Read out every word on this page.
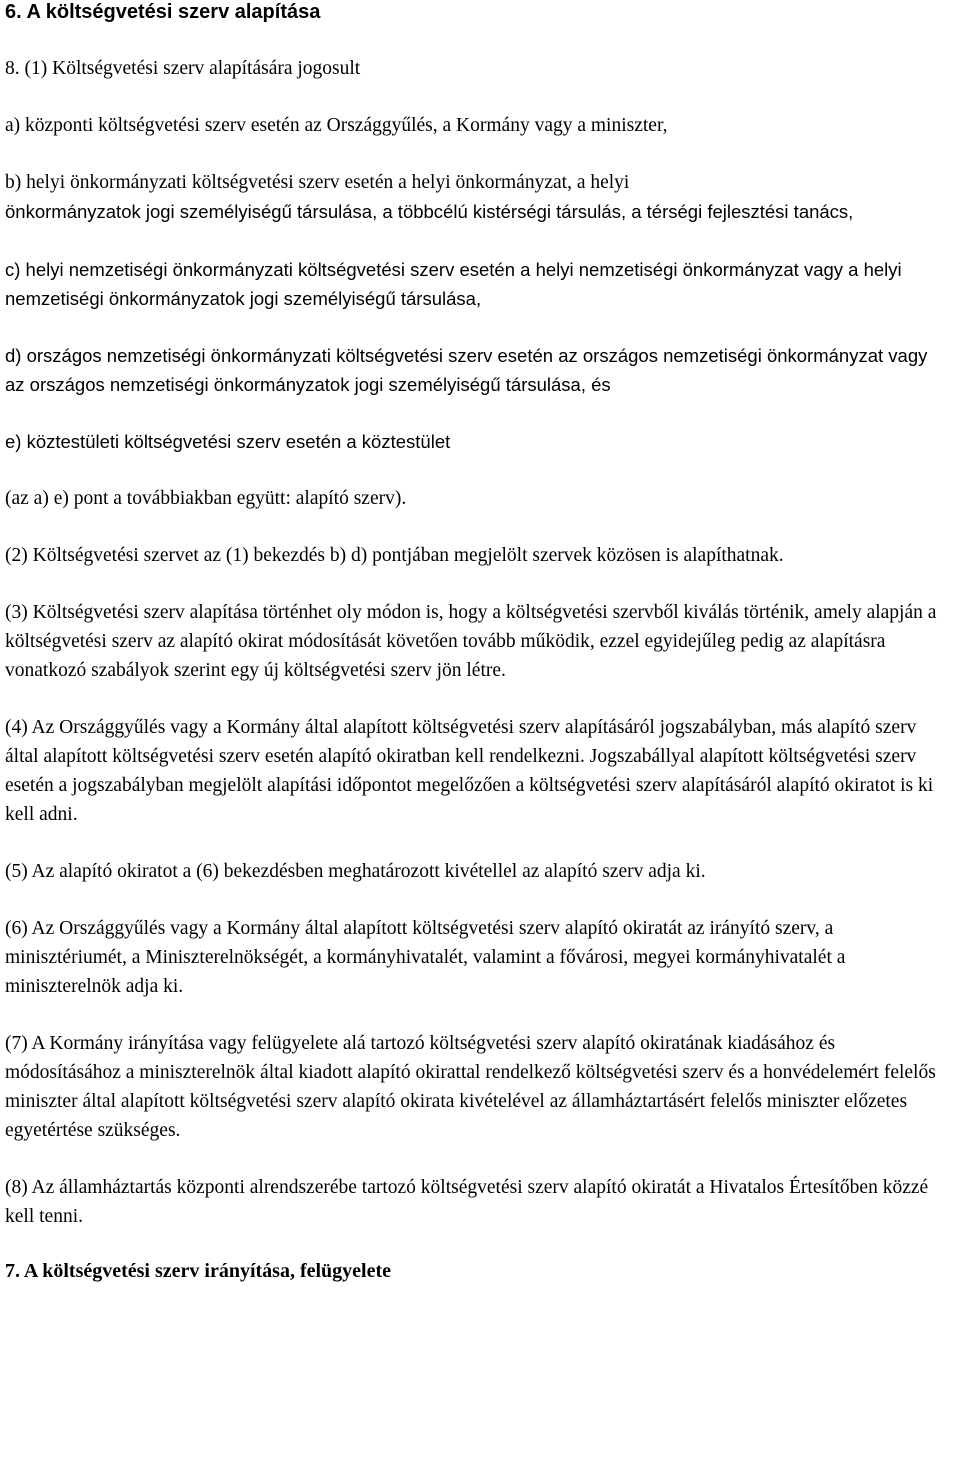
6. A költségvetési szerv alapítása

8. (1) Költségvetési szerv alapítására jogosult

a) központi költségvetési szerv esetén az Országgyűlés, a Kormány vagy a miniszter,

b) helyi önkormányzati költségvetési szerv esetén a helyi önkormányzat, a helyi
önkormányzatok jogi személyiségű társulása, a többcélú kistérségi társulás, a térségi fejlesztési tanács,

c) helyi nemzetiségi önkormányzati költségvetési szerv esetén a helyi nemzetiségi önkormányzat vagy a helyi nemzetiségi önkormányzatok jogi személyiségű társulása,

d) országos nemzetiségi önkormányzati költségvetési szerv esetén az országos nemzetiségi önkormányzat vagy az országos nemzetiségi önkormányzatok jogi személyiségű társulása, és

e) köztestületi költségvetési szerv esetén a köztestület

(az a) e) pont a továbbiakban együtt: alapító szerv).

(2) Költségvetési szervet az (1) bekezdés b) d) pontjában megjelölt szervek közösen is alapíthatnak.

(3) Költségvetési szerv alapítása történhet oly módon is, hogy a költségvetési szervből kiválás történik, amely alapján a költségvetési szerv az alapító okirat módosítását követően tovább működik, ezzel egyidejűleg pedig az alapításra vonatkozó szabályok szerint egy új költségvetési szerv jön létre.

(4) Az Országgyűlés vagy a Kormány által alapított költségvetési szerv alapításáról jogszabályban, más alapító szerv által alapított költségvetési szerv esetén alapító okiratban kell rendelkezni. Jogszabállyal alapított költségvetési szerv esetén a jogszabályban megjelölt alapítási időpontot megelőzően a költségvetési szerv alapításáról alapító okiratot is ki kell adni.

(5) Az alapító okiratot a (6) bekezdésben meghatározott kivétellel az alapító szerv adja ki.

(6) Az Országgyűlés vagy a Kormány által alapított költségvetési szerv alapító okiratát az irányító szerv, a minisztériumét, a Miniszterelnökségét, a kormányhivatalét, valamint a fővárosi, megyei kormányhivatalét a miniszterelnök adja ki.

(7) A Kormány irányítása vagy felügyelete alá tartozó költségvetési szerv alapító okiratának kiadásához és módosításához a miniszterelnök által kiadott alapító okirattal rendelkező költségvetési szerv és a honvédelemért felelős miniszter által alapított költségvetési szerv alapító okirata kivételével az államháztartásért felelős miniszter előzetes egyetértése szükséges.

(8) Az államháztartás központi alrendszerébe tartozó költségvetési szerv alapító okiratát a Hivatalos Értesítőben közzé kell tenni.

7. A költségvetési szerv irányítása, felügyelete
